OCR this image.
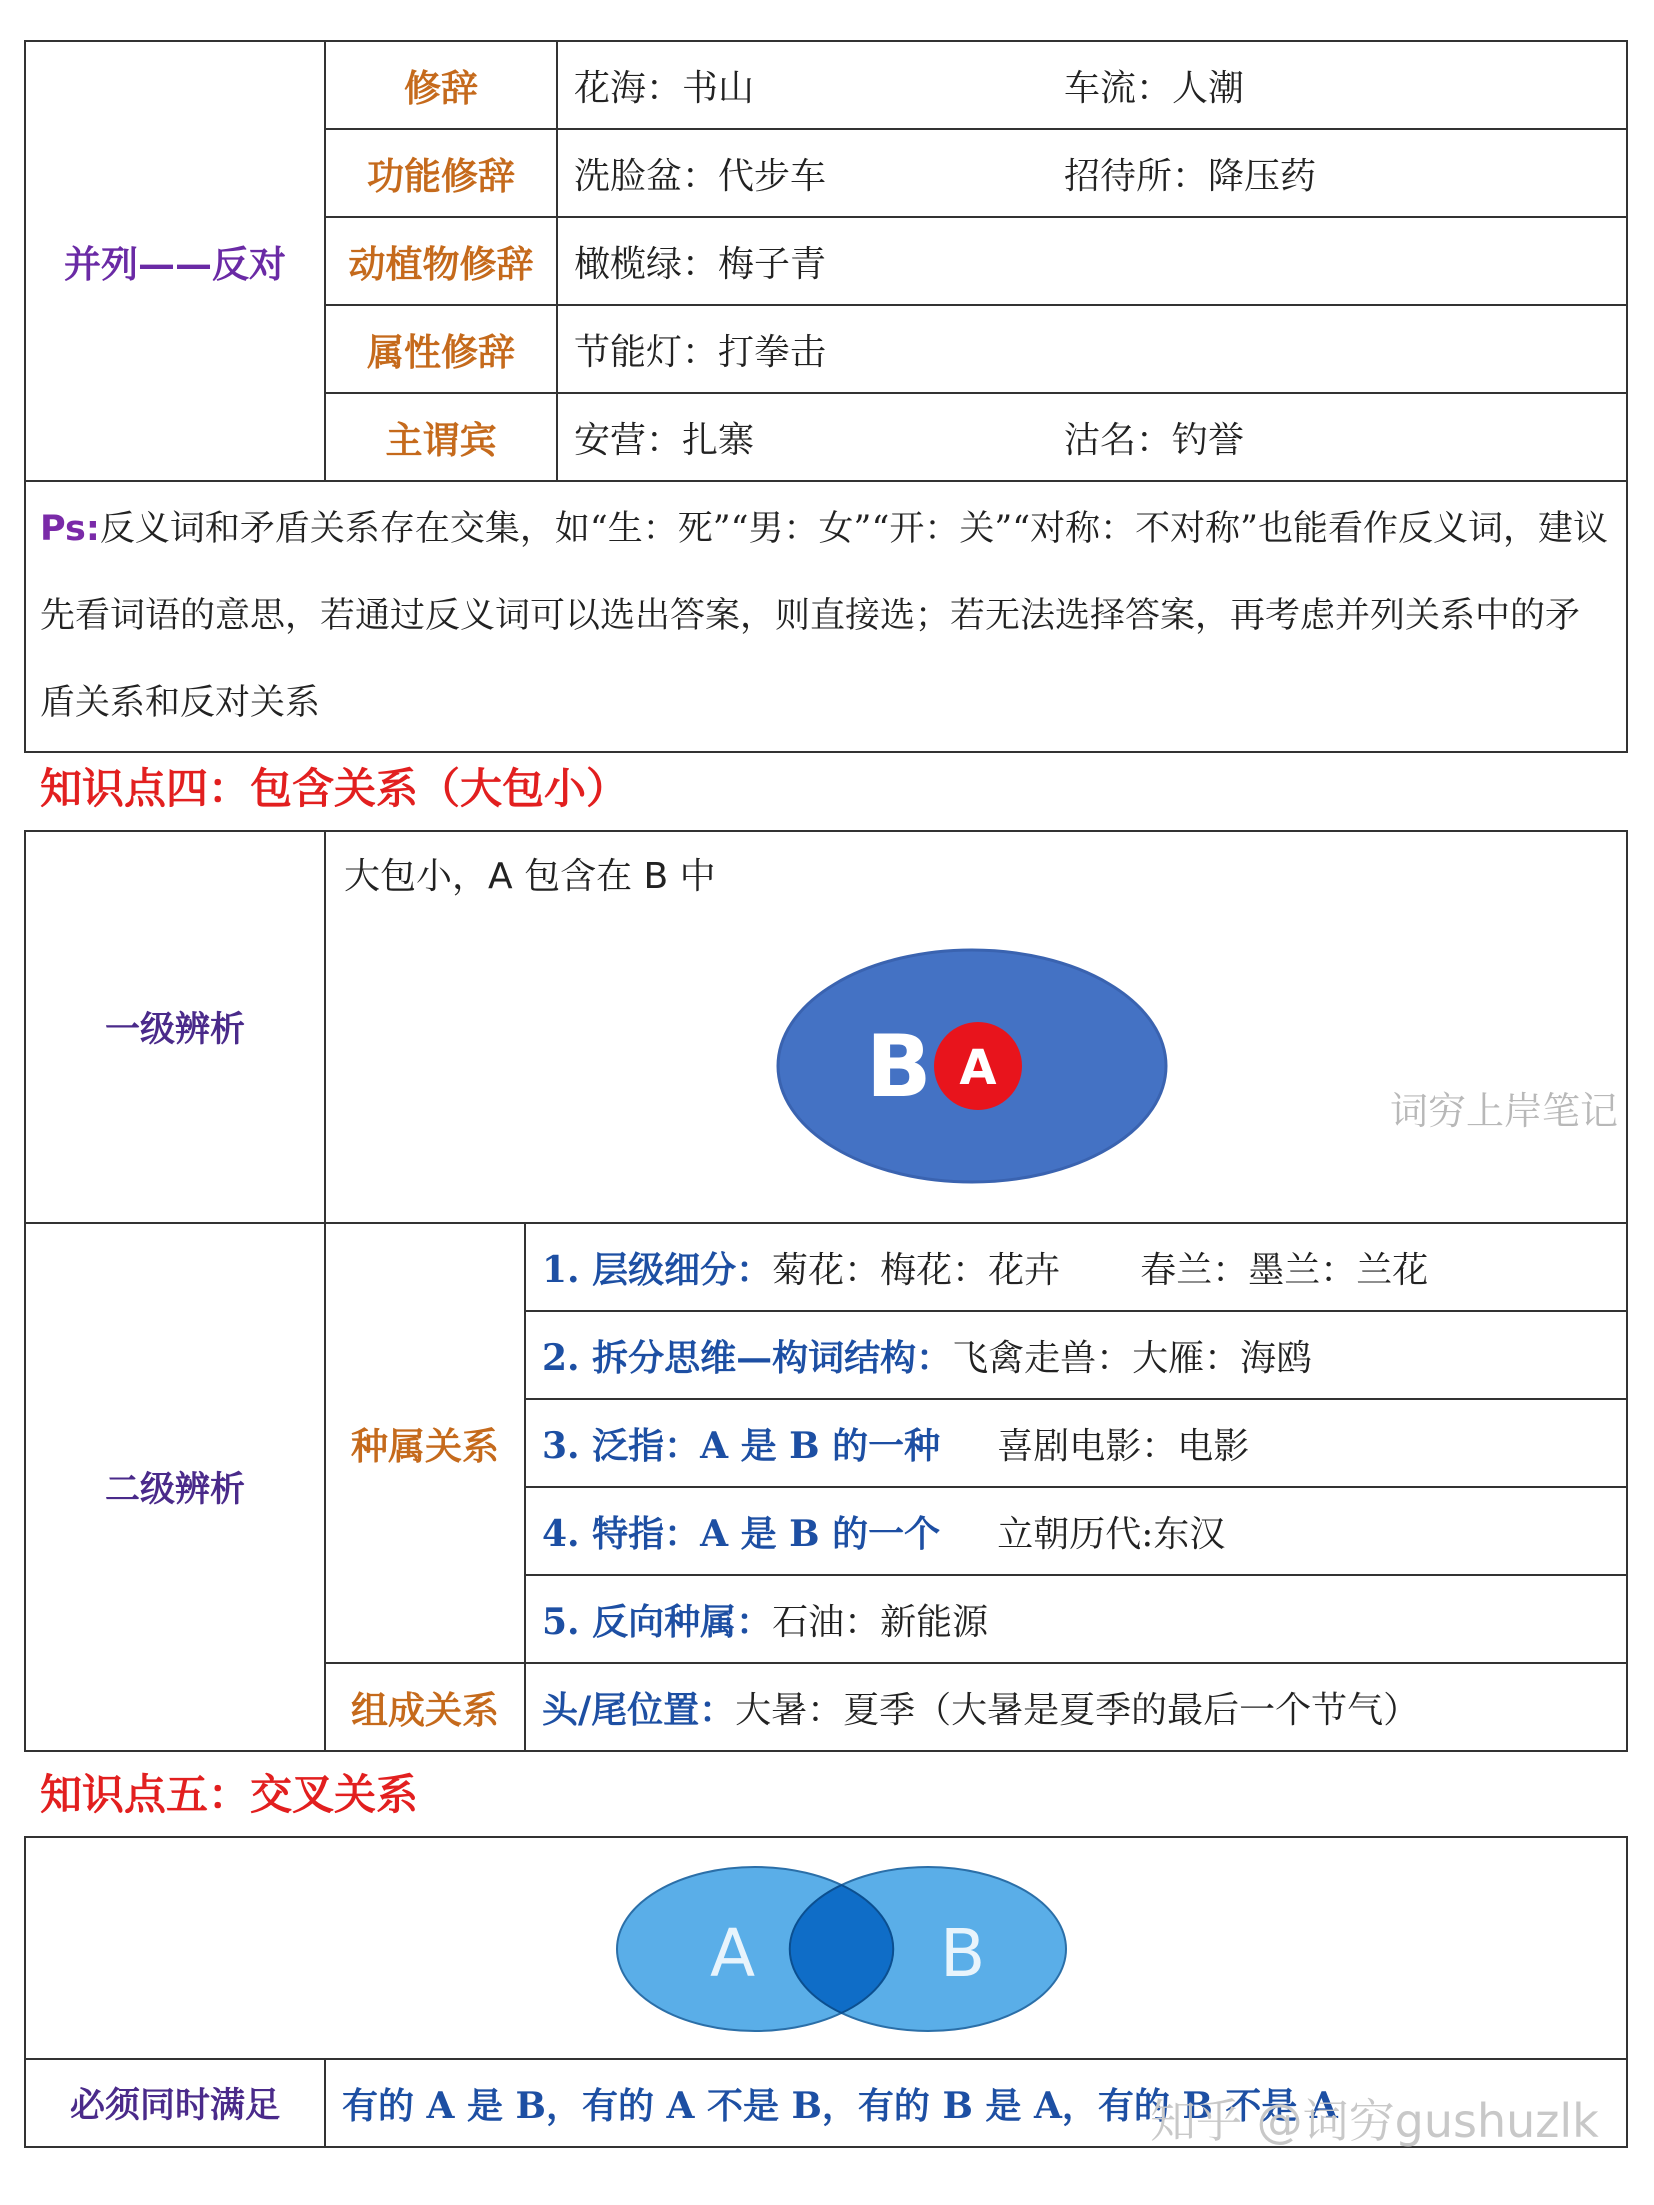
并列——反对	修辞	花海：书山 车流：人潮

	功能修辞	洗脸盆：代步车 招待所：降压药

	动植物修辞	橄榄绿：梅子青

	属性修辞	节能灯：打拳击

	主谓宾	安营：扎寨 沽名：钓誉

Ps:反义词和矛盾关系存在交集，如“生：死”“男：女”“开：关”“对称：不对称”也能看作反义词，建议先看词语的意思，若通过反义词可以选出答案，则直接选；若无法选择答案，再考虑并列关系中的矛盾关系和反对关系		
知识点四：包含关系（大包小）
一级辨析	大包小，A 包含在 B 中
B A	

二级辨析	种属关系	1. 层级细分：菊花：梅花：花卉       春兰：墨兰：兰花
		2. 拆分思维—构词结构：飞禽走兽：大雁：海鸥
		3. 泛指：A 是 B 的一种     喜剧电影：电影
		4. 特指：A 是 B 的一个     立朝历代:东汉
		5. 反向种属：石油：新能源
	组成关系	头/尾位置：大暑：夏季（大暑是夏季的最后一个节气）
知识点五：交叉关系
A	B

必须同时满足	有的 A 是 B，有的 A 不是 B，有的 B 是 A，有的 B 不是 A
词穷上岸笔记
知乎 @词穷gushuzlk
